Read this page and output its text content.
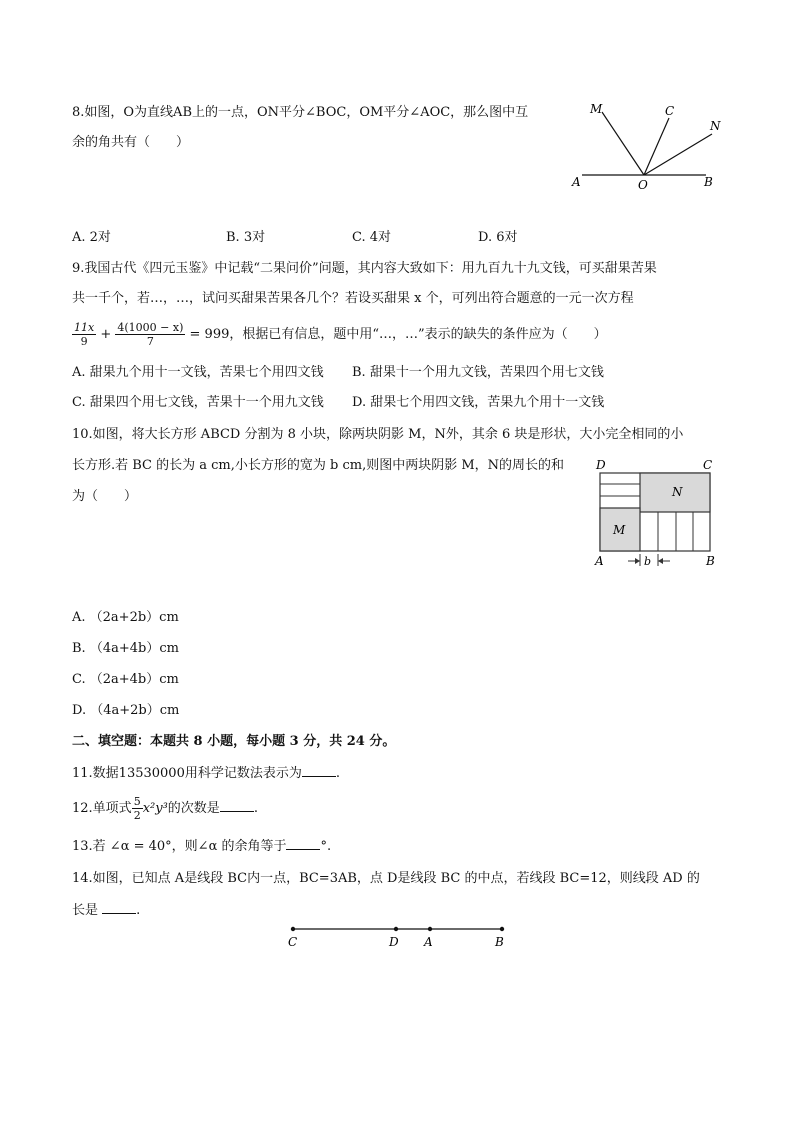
8.如图，O为直线AB上的一点，ON平分∠BOC，OM平分∠AOC，那么图中互
余的角共有（　　）
M	C
N
A	O	B
A. 2对	B. 3对	C. 4对	D. 6对
9.我国古代《四元玉鉴》中记载“二果问价”问题，其内容大致如下：用九百九十九文钱，可买甜果苦果
共一千个，若…，…，试问买甜果苦果各几个？若设买甜果 x 个，可列出符合题意的一元一次方程
$\frac{11x}{9} + \frac{4(1000 - x)}{7} = 999$，根据已有信息，题中用“…，…”表示的缺失的条件应为（　　）
A. 甜果九个用十一文钱，苦果七个用四文钱 B. 甜果十一个用九文钱，苦果四个用七文钱
C. 甜果四个用七文钱，苦果十一个用九文钱 D. 甜果七个用四文钱，苦果九个用十一文钱
10.如图，将大长方形 ABCD 分割为 8 小块，除两块阴影 M，N外，其余 6 块是形状，大小完全相同的小
长方形.若 BC 的长为 a cm,小长方形的宽为 b cm,则图中两块阴影 M，N的周长的和
为（　　）
D	C
N
M
A	b	B
A. （2a+2b）cm
B. （4a+4b）cm
C. （2a+4b）cm
D. （4a+2b）cm
二、填空题：本题共 8 小题，每小题 3 分，共 24 分。
11.数据13530000用科学记数法表示为	.
12.单项式 $\frac{5}{2} x^2y^3$的次数是	.
13.若 ∠α = 40°，则∠α 的余角等于	°.
14.如图，已知点 A是线段 BC内一点，BC=3AB，点 D是线段 BC 的中点，若线段 BC=12，则线段 AD 的
长是	.
C	D A	B
